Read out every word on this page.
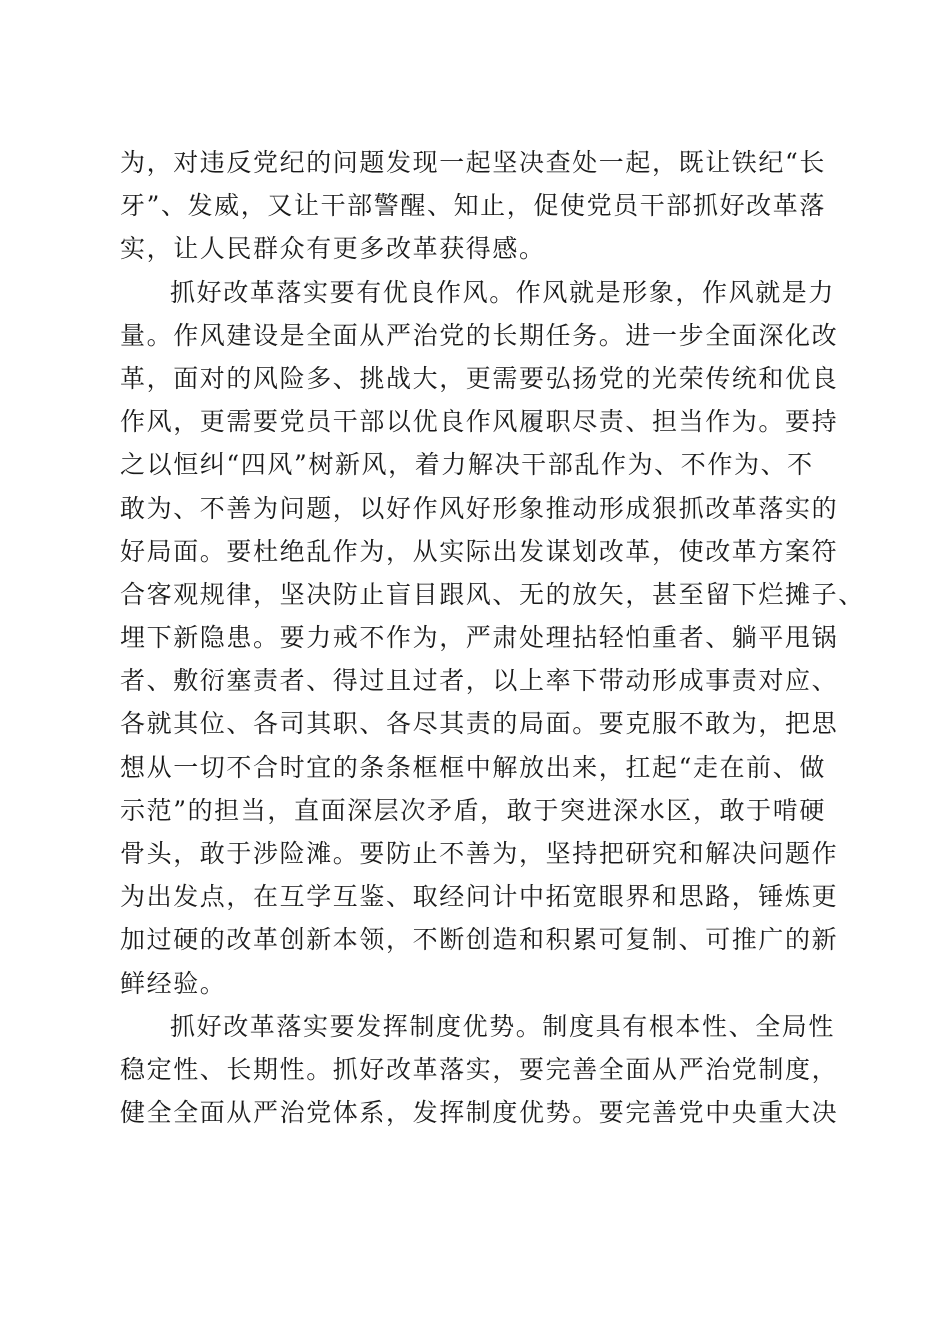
为，对违反党纪的问题发现一起坚决查处一起，既让铁纪“长
牙”、发威，又让干部警醒、知止，促使党员干部抓好改革落
实，让人民群众有更多改革获得感。
抓好改革落实要有优良作风。作风就是形象，作风就是力
量。作风建设是全面从严治党的长期任务。进一步全面深化改
革，面对的风险多、挑战大，更需要弘扬党的光荣传统和优良
作风，更需要党员干部以优良作风履职尽责、担当作为。要持
之以恒纠“四风”树新风，着力解决干部乱作为、不作为、不
敢为、不善为问题，以好作风好形象推动形成狠抓改革落实的
好局面。要杜绝乱作为，从实际出发谋划改革，使改革方案符
合客观规律，坚决防止盲目跟风、无的放矢，甚至留下烂摊子、
埋下新隐患。要力戒不作为，严肃处理拈轻怕重者、躺平甩锅
者、敷衍塞责者、得过且过者，以上率下带动形成事责对应、
各就其位、各司其职、各尽其责的局面。要克服不敢为，把思
想从一切不合时宜的条条框框中解放出来，扛起“走在前、做
示范”的担当，直面深层次矛盾，敢于突进深水区，敢于啃硬
骨头，敢于涉险滩。要防止不善为，坚持把研究和解决问题作
为出发点，在互学互鉴、取经问计中拓宽眼界和思路，锤炼更
加过硬的改革创新本领，不断创造和积累可复制、可推广的新
鲜经验。
抓好改革落实要发挥制度优势。制度具有根本性、全局性
稳定性、长期性。抓好改革落实，要完善全面从严治党制度，
健全全面从严治党体系，发挥制度优势。要完善党中央重大决
